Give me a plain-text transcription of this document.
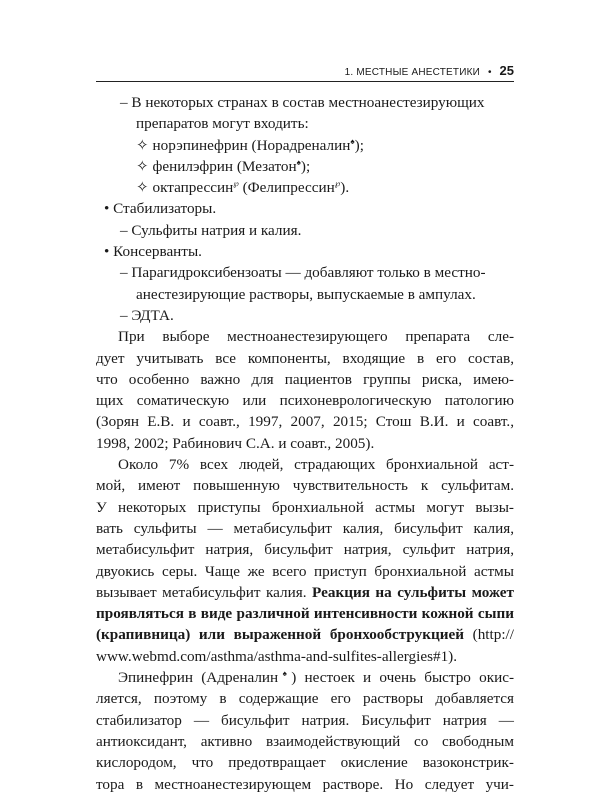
1. МЕСТНЫЕ АНЕСТЕТИКИ • 25
– В некоторых странах в состав местноанестезирующих
препаратов могут входить:
✧ норэпинефрин (Норадреналин♠);
✧ фенилэфрин (Мезатон♠);
✧ октапрессин℘ (Фелипрессин℘).
• Стабилизаторы.
– Сульфиты натрия и калия.
• Консерванты.
– Парагидроксибензоаты — добавляют только в местно-
анестезирующие растворы, выпускаемые в ампулах.
– ЭДТА.
При выборе местноанестезирующего препарата сле-
дует учитывать все компоненты, входящие в его состав,
что особенно важно для пациентов группы риска, имею-
щих соматическую или психоневрологическую патологию
(Зорян Е.В. и соавт., 1997, 2007, 2015; Стош В.И. и соавт.,
1998, 2002; Рабинович С.А. и соавт., 2005).
Около 7% всех людей, страдающих бронхиальной аст-
мой, имеют повышенную чувствительность к сульфитам.
У некоторых приступы бронхиальной астмы могут вызы-
вать сульфиты — метабисульфит калия, бисульфит калия,
метабисульфит натрия, бисульфит натрия, сульфит натрия,
двуокись серы. Чаще же всего приступ бронхиальной астмы
вызывает метабисульфит калия. Реакция на сульфиты может
проявляться в виде различной интенсивности кожной сыпи
(крапивница) или выраженной бронхообструкцией (http://
www.webmd.com/asthma/asthma-and-sulfites-allergies#1).
Эпинефрин (Адреналин♠) нестоек и очень быстро окис-
ляется, поэтому в содержащие его растворы добавляется
стабилизатор — бисульфит натрия. Бисульфит натрия —
антиоксидант, активно взаимодействующий со свободным
кислородом, что предотвращает окисление вазоконстрик-
тора в местноанестезирующем растворе. Но следует учи-
